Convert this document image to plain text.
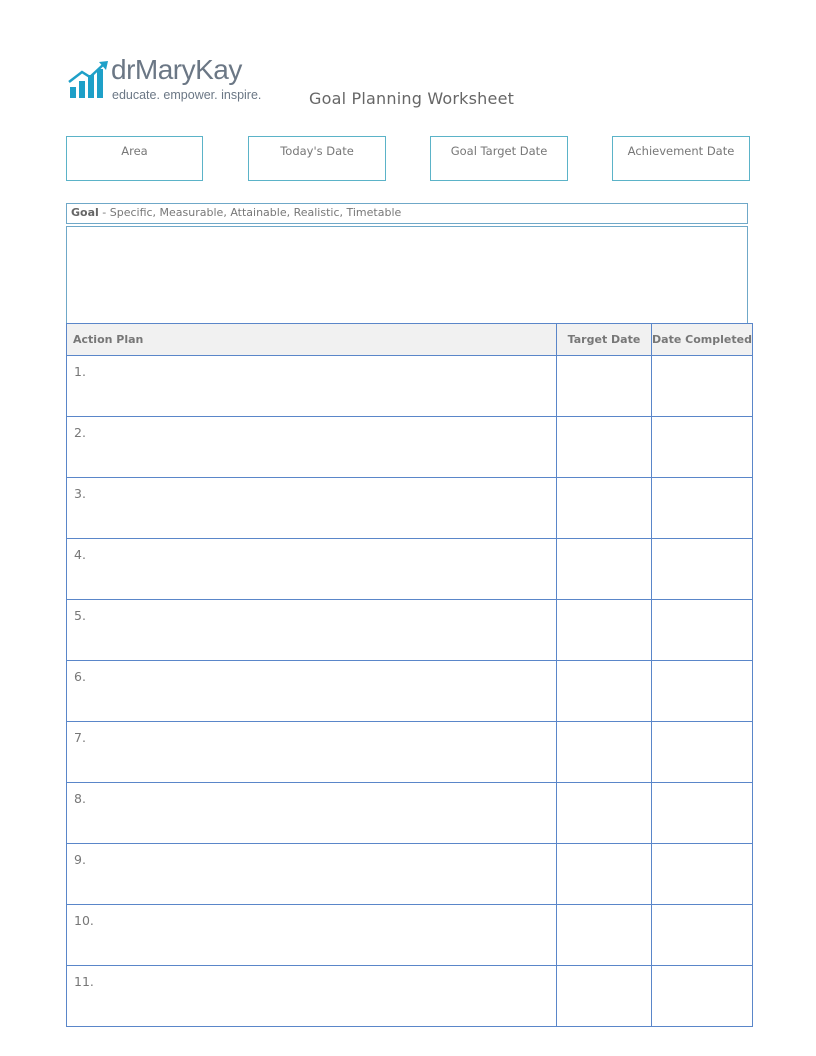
drMaryKay
educate. empower. inspire.	Goal Planning Worksheet
Area	Today's Date	Goal Target Date	Achievement Date
Goal - Specific, Measurable, Attainable, Realistic, Timetable
Action Plan	Target Date	Date Completed
1.		
2.		
3.		
4.		
5.		
6.		
7.		
8.		
9.		
10.		
11.		
